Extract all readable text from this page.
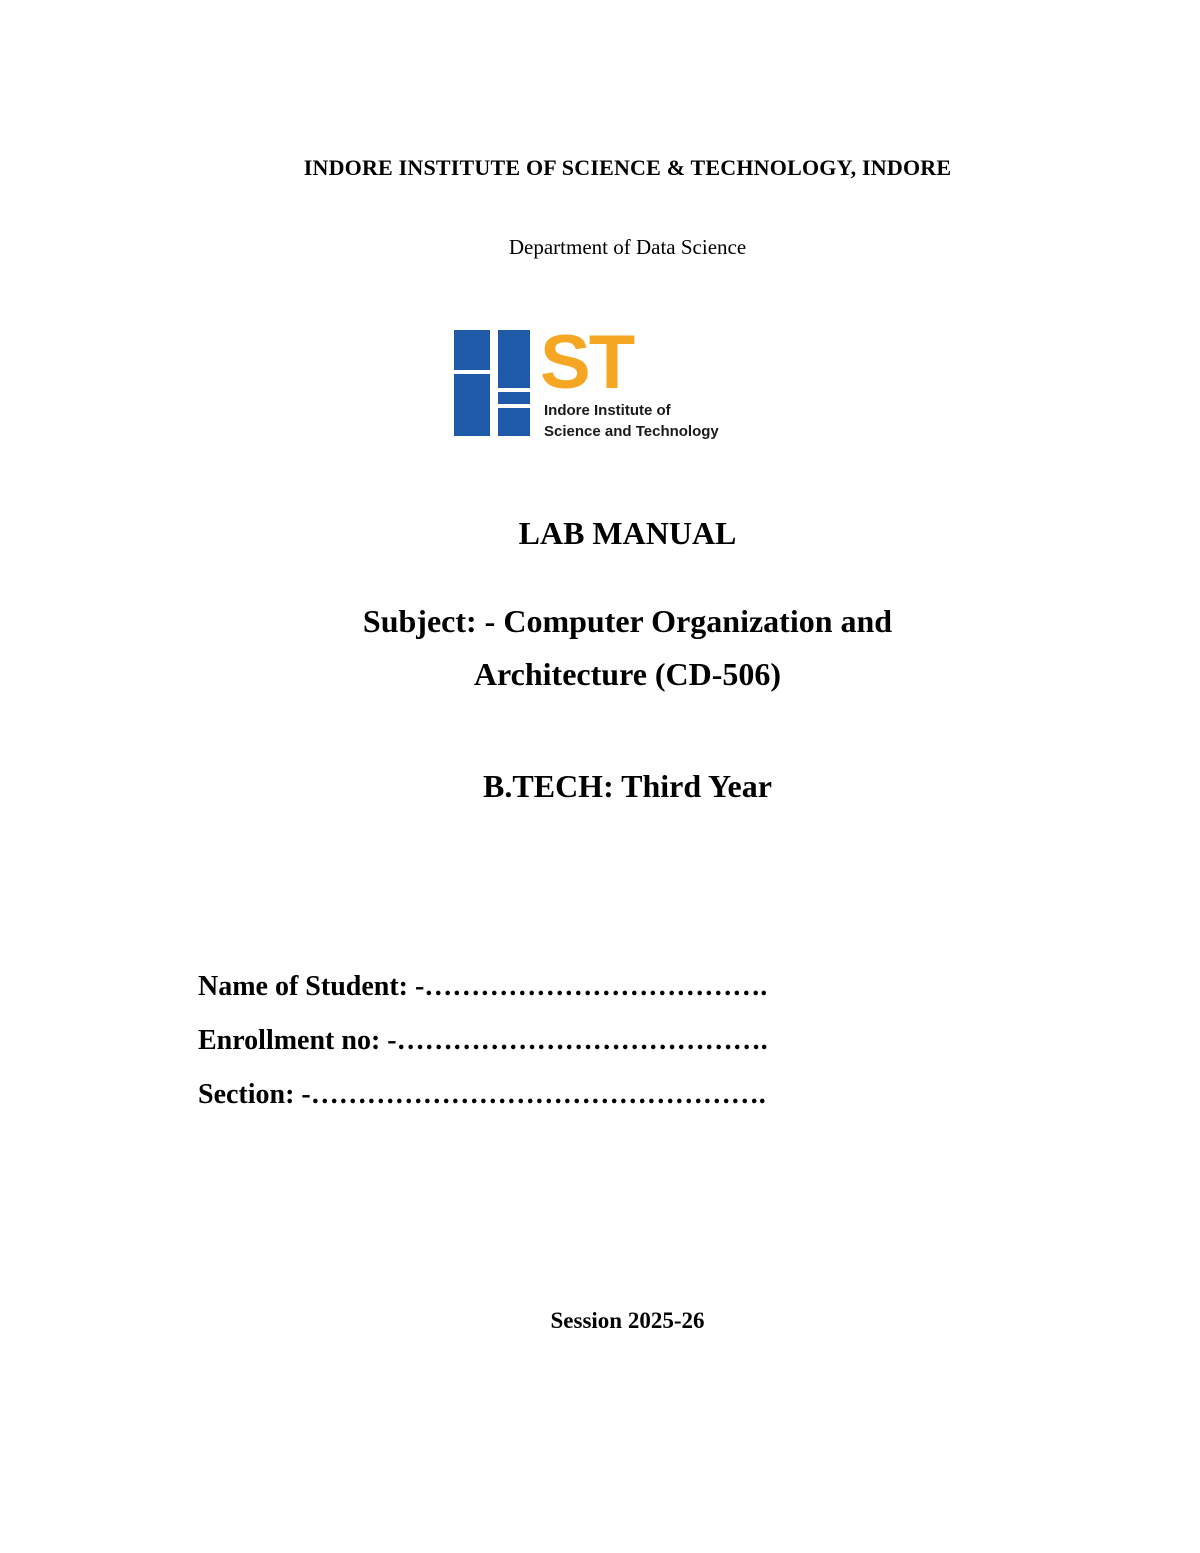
INDORE INSTITUTE OF SCIENCE & TECHNOLOGY, INDORE
Department of Data Science
ST
Indore Institute of
Science and Technology
LAB MANUAL
Subject: - Computer Organization and
Architecture (CD-506)
B.TECH: Third Year
Name of Student: -……………………………….
Enrollment no: -………………………………….
Section: -………………………………………….
Session 2025-26
